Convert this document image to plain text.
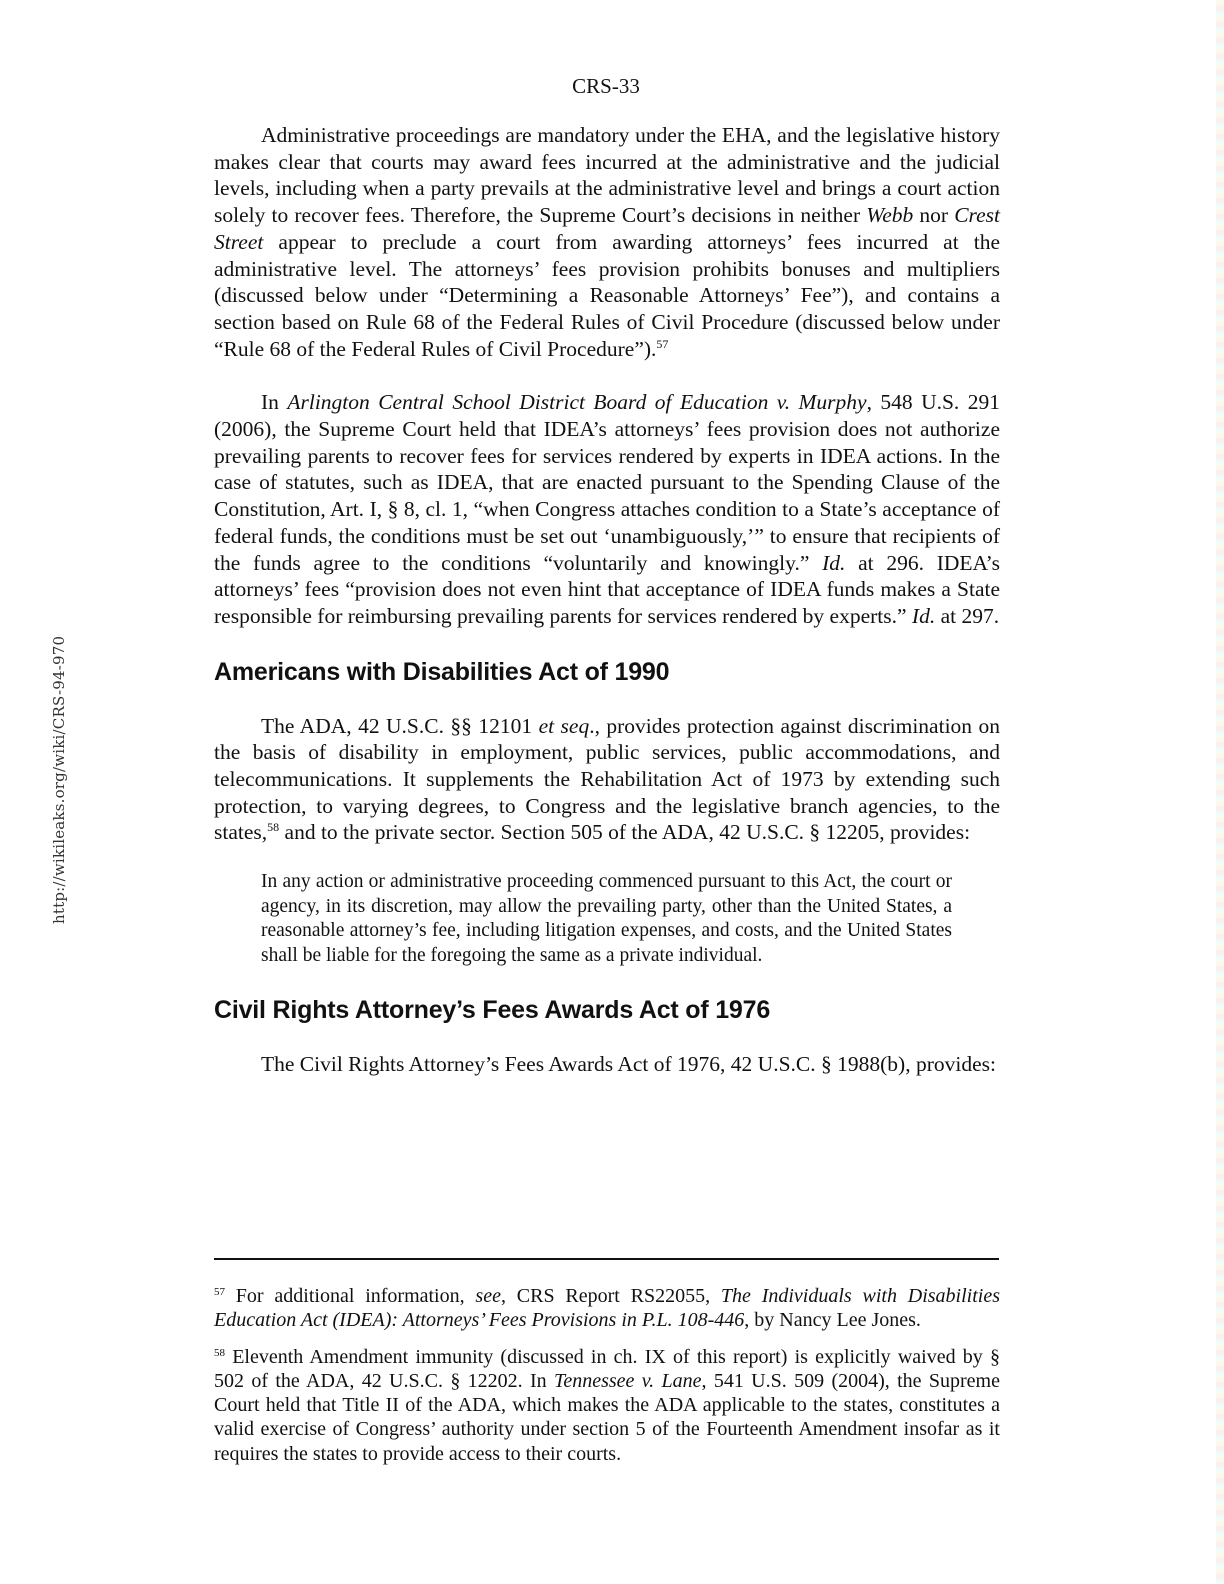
http://wikileaks.org/wiki/CRS-94-970
CRS-33

Administrative proceedings are mandatory under the EHA, and the legislative history makes clear that courts may award fees incurred at the administrative and the judicial levels, including when a party prevails at the administrative level and brings a court action solely to recover fees. Therefore, the Supreme Court’s decisions in neither Webb nor Crest Street appear to preclude a court from awarding attorneys’ fees incurred at the administrative level. The attorneys’ fees provision prohibits bonuses and multipliers (discussed below under “Determining a Reasonable Attorneys’ Fee”), and contains a section based on Rule 68 of the Federal Rules of Civil Procedure (discussed below under “Rule 68 of the Federal Rules of Civil Procedure”).$^{57}$

In Arlington Central School District Board of Education v. Murphy, 548 U.S. 291 (2006), the Supreme Court held that IDEA’s attorneys’ fees provision does not authorize prevailing parents to recover fees for services rendered by experts in IDEA actions. In the case of statutes, such as IDEA, that are enacted pursuant to the Spending Clause of the Constitution, Art. I, § 8, cl. 1, “when Congress attaches condition to a State’s acceptance of federal funds, the conditions must be set out ‘unambiguously,’” to ensure that recipients of the funds agree to the conditions “voluntarily and knowingly.” Id. at 296. IDEA’s attorneys’ fees “provision does not even hint that acceptance of IDEA funds makes a State responsible for reimbursing prevailing parents for services rendered by experts.” Id. at 297.

Americans with Disabilities Act of 1990

The ADA, 42 U.S.C. §§ 12101 et seq., provides protection against discrimination on the basis of disability in employment, public services, public accommodations, and telecommunications. It supplements the Rehabilitation Act of 1973 by extending such protection, to varying degrees, to Congress and the legislative branch agencies, to the states,$^{58}$ and to the private sector. Section 505 of the ADA, 42 U.S.C. § 12205, provides:

In any action or administrative proceeding commenced pursuant to this Act, the court or agency, in its discretion, may allow the prevailing party, other than the United States, a reasonable attorney’s fee, including litigation expenses, and costs, and the United States shall be liable for the foregoing the same as a private individual.
Civil Rights Attorney’s Fees Awards Act of 1976

The Civil Rights Attorney’s Fees Awards Act of 1976, 42 U.S.C. § 1988(b), provides:

$^{57}$ For additional information, see, CRS Report RS22055, The Individuals with Disabilities Education Act (IDEA): Attorneys’ Fees Provisions in P.L. 108-446, by Nancy Lee Jones.

$^{58}$ Eleventh Amendment immunity (discussed in ch. IX of this report) is explicitly waived by § 502 of the ADA, 42 U.S.C. § 12202. In Tennessee v. Lane, 541 U.S. 509 (2004), the Supreme Court held that Title II of the ADA, which makes the ADA applicable to the states, constitutes a valid exercise of Congress’ authority under section 5 of the Fourteenth Amendment insofar as it requires the states to provide access to their courts.
